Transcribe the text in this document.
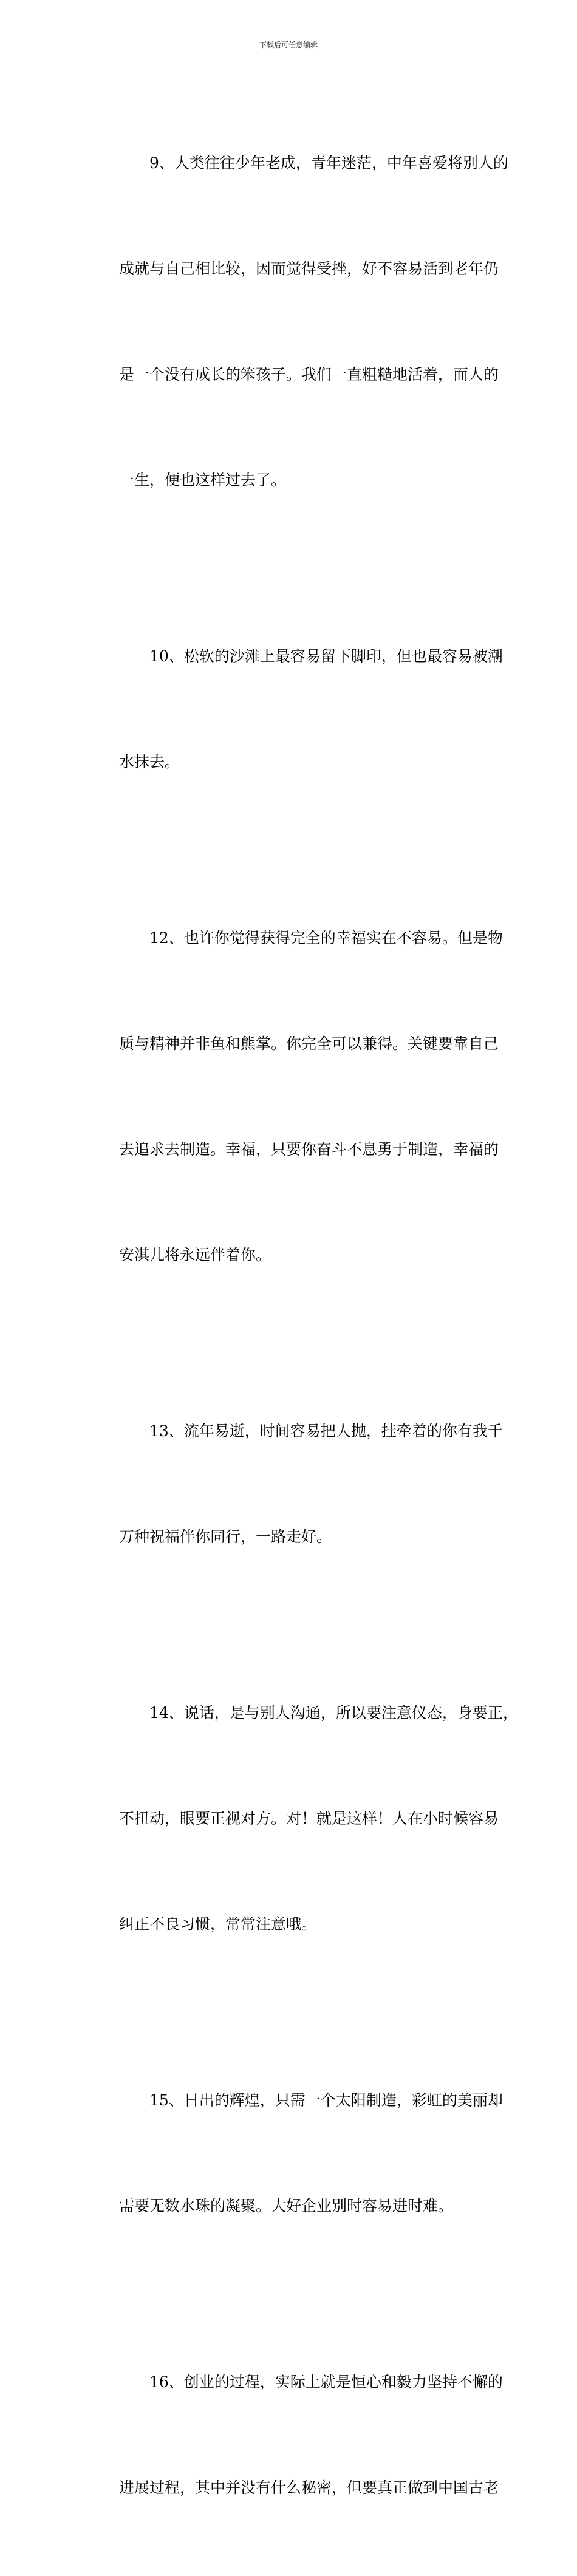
下载后可任意编辑

9、人类往往少年老成，青年迷茫，中年喜爱将别人的

成就与自己相比较，因而觉得受挫，好不容易活到老年仍

是一个没有成长的笨孩子。我们一直粗糙地活着，而人的

一生，便也这样过去了。

10、松软的沙滩上最容易留下脚印，但也最容易被潮

水抹去。

12、也许你觉得获得完全的幸福实在不容易。但是物

质与精神并非鱼和熊掌。你完全可以兼得。关键要靠自己

去追求去制造。幸福，只要你奋斗不息勇于制造，幸福的

安淇儿将永远伴着你。

13、流年易逝，时间容易把人抛，挂牵着的你有我千

万种祝福伴你同行，一路走好。

14、说话，是与别人沟通，所以要注意仪态，身要正，

不扭动，眼要正视对方。对！就是这样！人在小时候容易

纠正不良习惯，常常注意哦。

15、日出的辉煌，只需一个太阳制造，彩虹的美丽却

需要无数水珠的凝聚。大好企业别时容易进时难。

16、创业的过程，实际上就是恒心和毅力坚持不懈的

进展过程，其中并没有什么秘密，但要真正做到中国古老
